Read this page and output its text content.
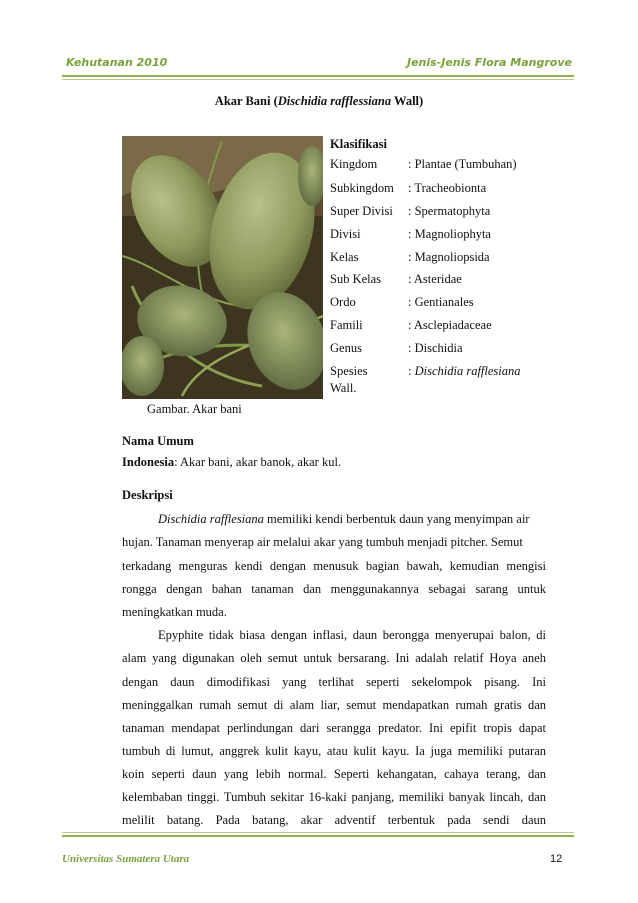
Kehutanan 2010	Jenis-Jenis Flora Mangrove
Akar Bani (Dischidia rafflessiana Wall)
Gambar. Akar bani
Klasifikasi
Kingdom : Plantae (Tumbuhan)
Subkingdom : Tracheobionta
Super Divisi : Spermatophyta
Divisi	: Magnoliophyta
Kelas	: Magnoliopsida
Sub Kelas : Asteridae
Ordo	: Gentianales
Famili	: Asclepiadaceae
Genus	: Dischidia
Spesies	: Dischidia rafflesiana
Wall.
Nama Umum
Indonesia: Akar bani, akar banok, akar kul.
Deskripsi
Dischidia rafflesiana memiliki kendi berbentuk daun yang menyimpan air
hujan. Tanaman menyerap air melalui akar yang tumbuh menjadi pitcher. Semut
terkadang menguras kendi dengan menusuk bagian bawah, kemudian mengisi
rongga dengan bahan tanaman dan menggunakannya sebagai sarang untuk
meningkatkan muda.
Epyphite tidak biasa dengan inflasi, daun berongga menyerupai balon, di
alam yang digunakan oleh semut untuk bersarang. Ini adalah relatif Hoya aneh
dengan daun dimodifikasi yang terlihat seperti sekelompok pisang. Ini
meninggalkan rumah semut di alam liar, semut mendapatkan rumah gratis dan
tanaman mendapat perlindungan dari serangga predator. Ini epifit tropis dapat
tumbuh di lumut, anggrek kulit kayu, atau kulit kayu. Ia juga memiliki putaran
koin seperti daun yang lebih normal. Seperti kehangatan, cahaya terang, dan
kelembaban tinggi. Tumbuh sekitar 16-kaki panjang, memiliki banyak lincah, dan
melilit batang. Pada batang, akar adventif terbentuk pada sendi daun
Universitas Sumatera Utara	12
